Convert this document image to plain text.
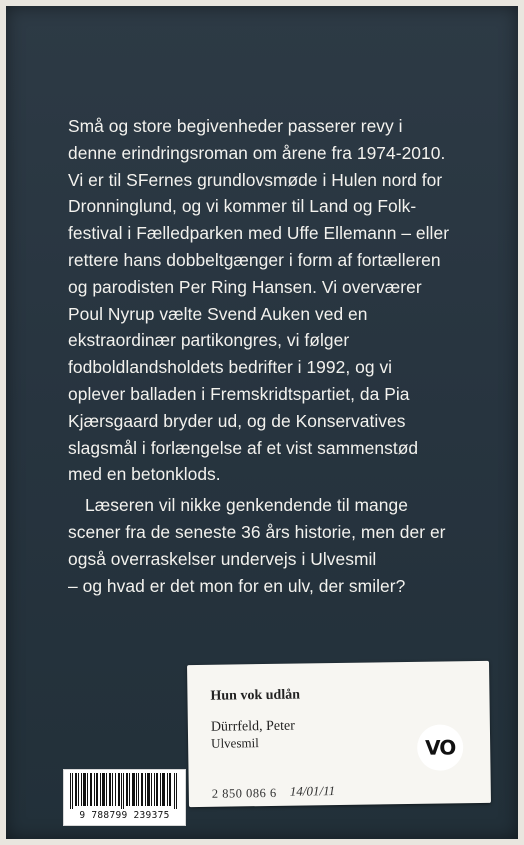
Små og store begivenheder passerer revy i
denne erindringsroman om årene fra 1974-2010.
Vi er til SFernes grundlovsmøde i Hulen nord for
Dronninglund, og vi kommer til Land og Folk-
festival i Fælledparken med Uffe Ellemann – eller
rettere hans dobbeltgænger i form af fortælleren
og parodisten Per Ring Hansen. Vi overværer
Poul Nyrup vælte Svend Auken ved en
ekstraordinær partikongres, vi følger
fodboldlandsholdets bedrifter i 1992, og vi
oplever balladen i Fremskridtspartiet, da Pia
Kjærsgaard bryder ud, og de Konservatives
slagsmål i forlængelse af et vist sammenstød
med en betonklods.

Læseren vil nikke genkendende til mange
scener fra de seneste 36 års historie, men der er
også overraskelser undervejs i Ulvesmil
– og hvad er det mon for en ulv, der smiler?

Hun vok udlån
Dürrfeld, Peter
Ulvesmil	VO
2 850 086 6 14/01/11
9 788799 239375
